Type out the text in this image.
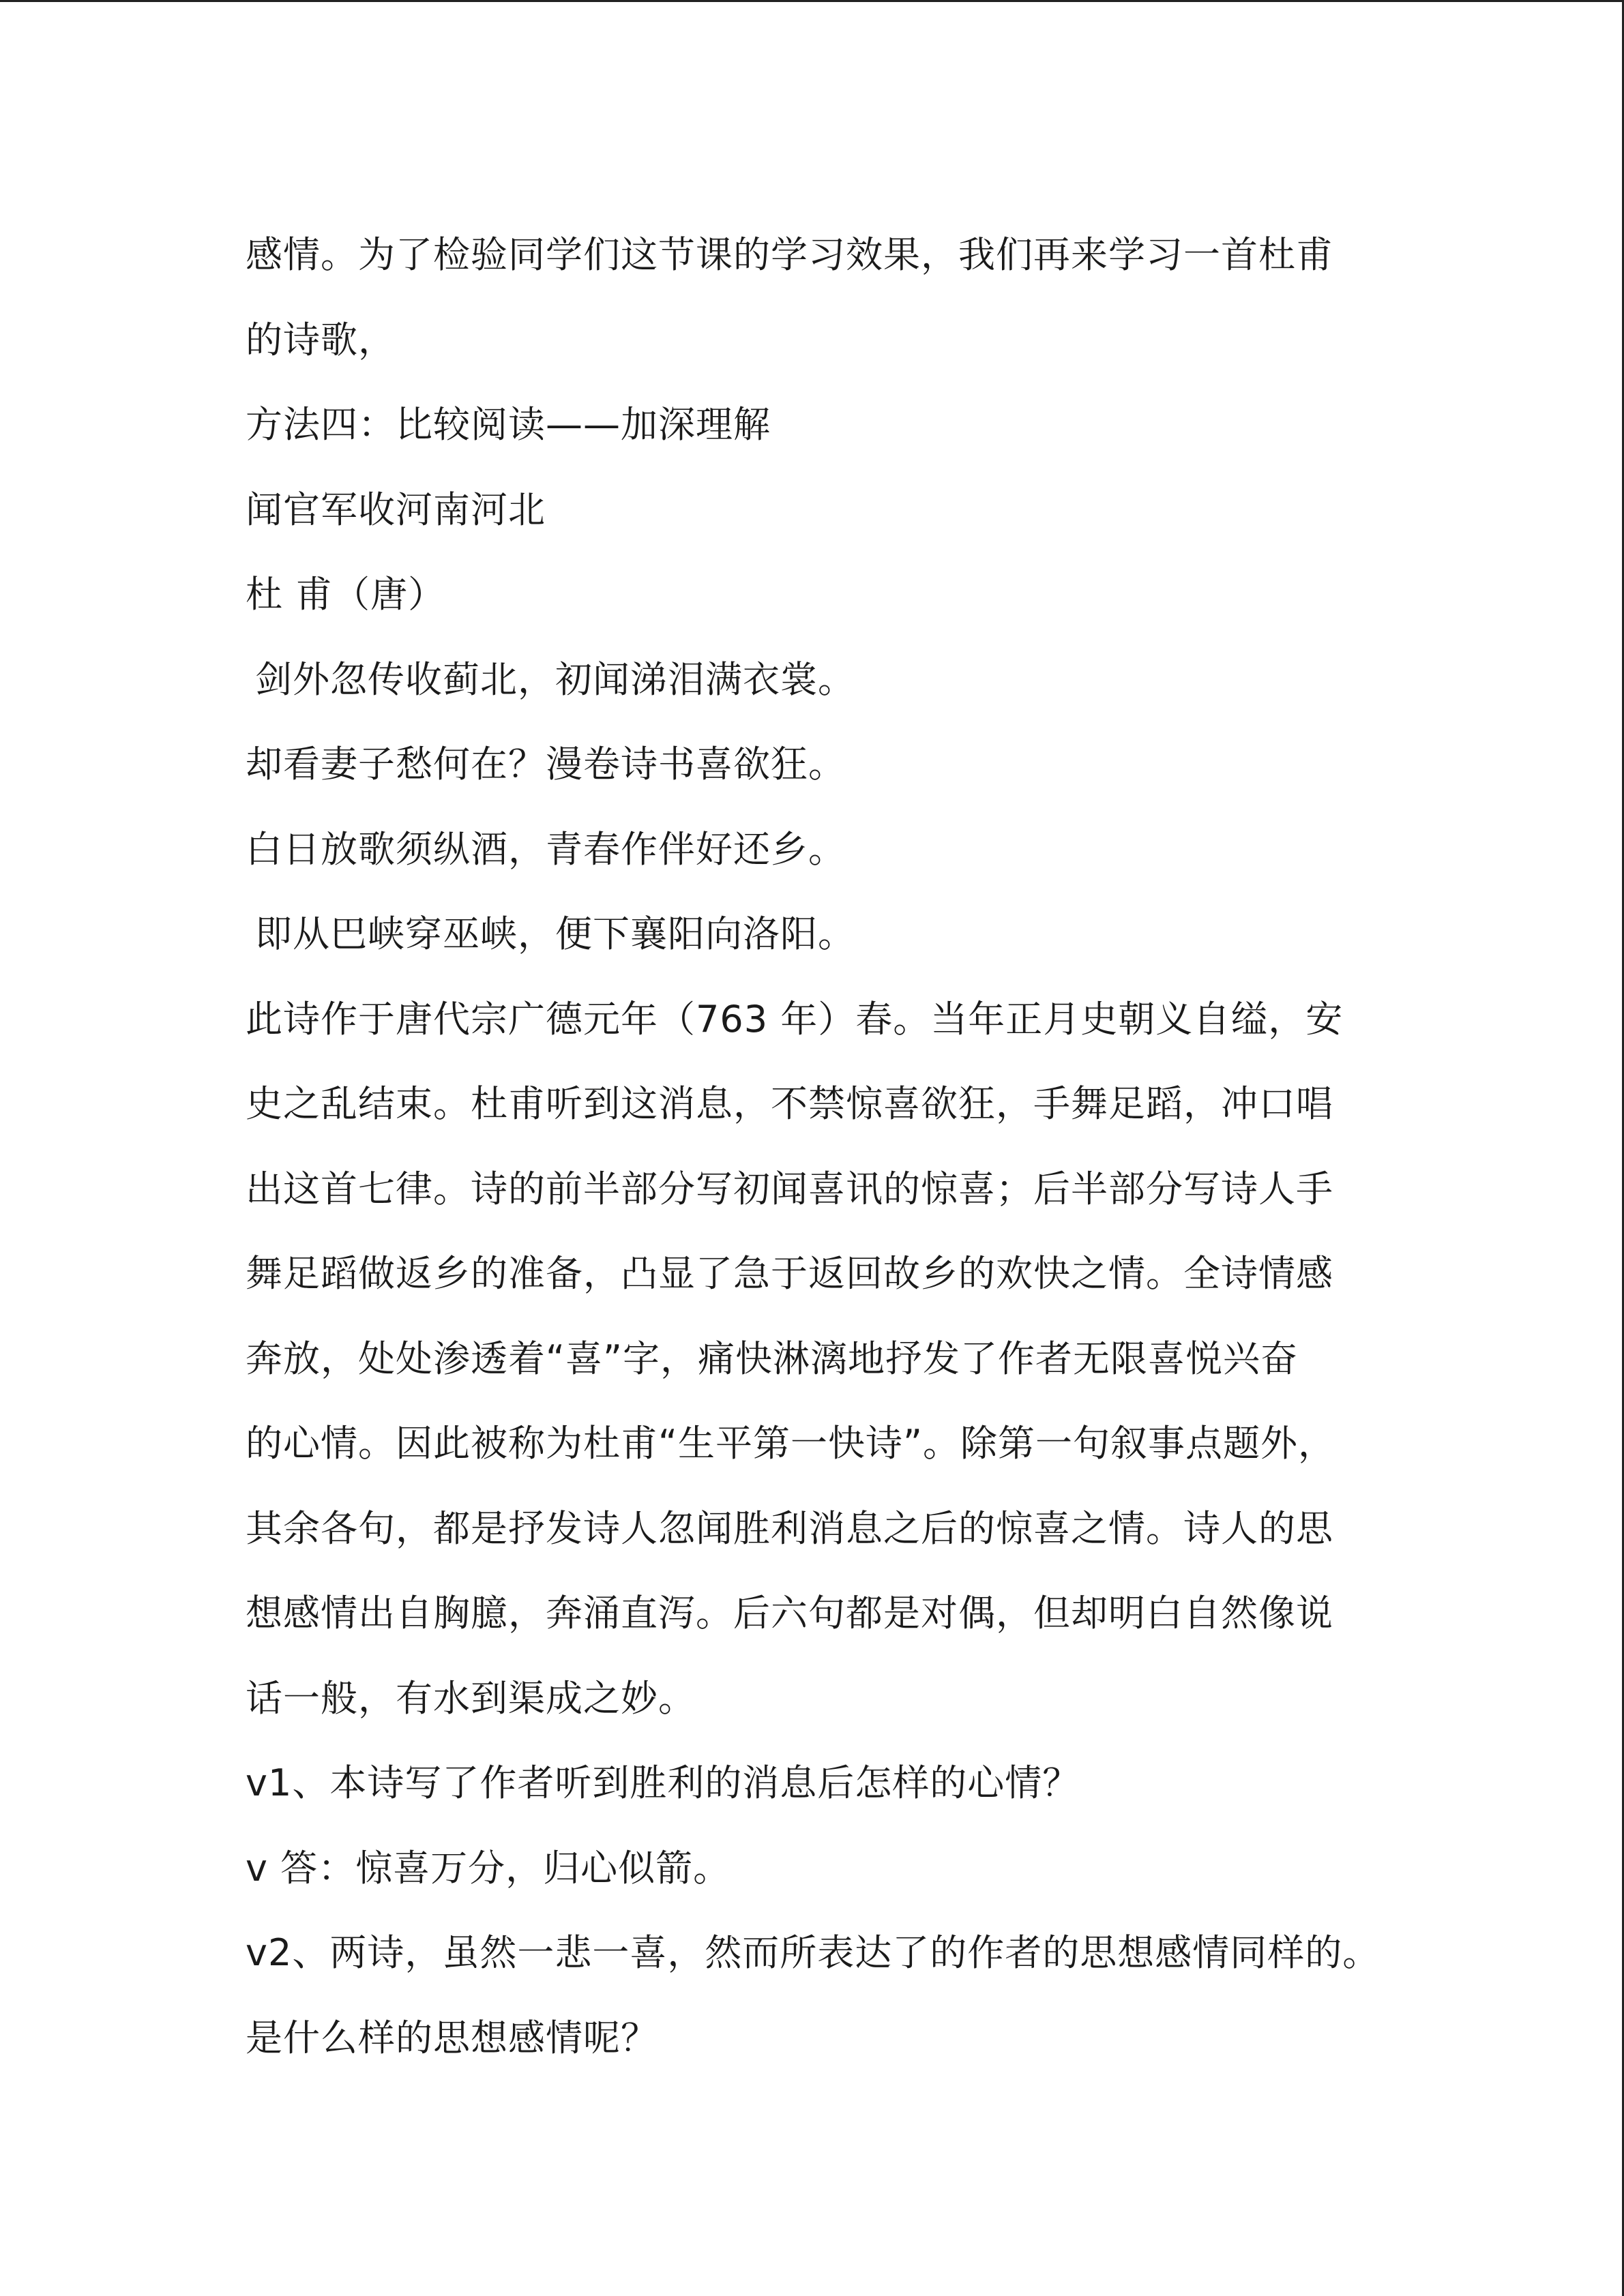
感情。为了检验同学们这节课的学习效果，我们再来学习一首杜甫
的诗歌，
方法四：比较阅读——加深理解
闻官军收河南河北
杜 甫（唐）
剑外忽传收蓟北，初闻涕泪满衣裳。
却看妻子愁何在？漫卷诗书喜欲狂。
白日放歌须纵酒，青春作伴好还乡。
即从巴峡穿巫峡，便下襄阳向洛阳。
此诗作于唐代宗广德元年（763 年）春。当年正月史朝义自缢，安
史之乱结束。杜甫听到这消息，不禁惊喜欲狂，手舞足蹈，冲口唱
出这首七律。诗的前半部分写初闻喜讯的惊喜；后半部分写诗人手
舞足蹈做返乡的准备，凸显了急于返回故乡的欢快之情。全诗情感
奔放，处处渗透着“喜”字，痛快淋漓地抒发了作者无限喜悦兴奋
的心情。因此被称为杜甫“生平第一快诗”。除第一句叙事点题外，
其余各句，都是抒发诗人忽闻胜利消息之后的惊喜之情。诗人的思
想感情出自胸臆，奔涌直泻。后六句都是对偶，但却明白自然像说
话一般，有水到渠成之妙。
v1、本诗写了作者听到胜利的消息后怎样的心情？
v 答：惊喜万分，归心似箭。
v2、两诗，虽然一悲一喜，然而所表达了的作者的思想感情同样的。
是什么样的思想感情呢？
